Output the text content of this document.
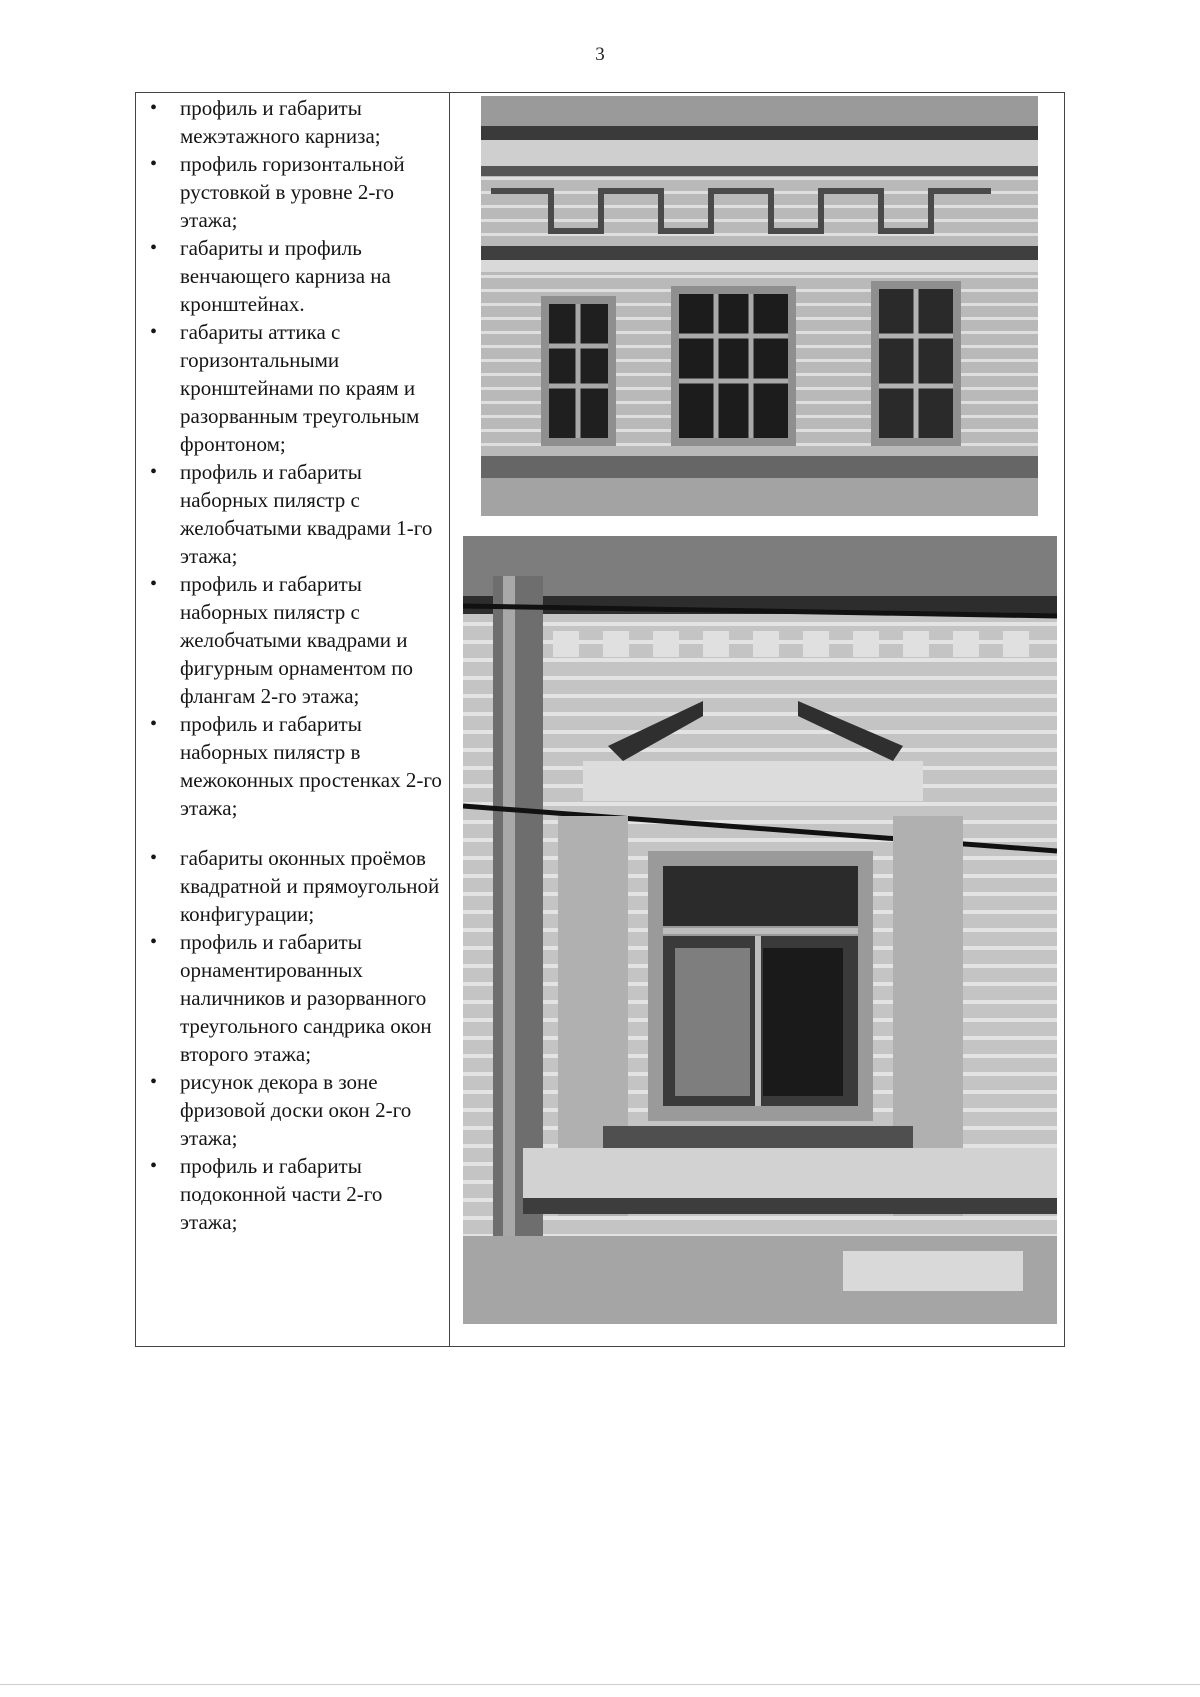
3
• профиль и габариты межэтажного карниза;
• профиль горизонтальной рустовкой в уровне 2-го этажа;
• габариты и профиль венчающего карниза на кронштейнах.
• габариты аттика с горизонтальными кронштейнами по краям и разорванным треугольным фронтоном;
• профиль и габариты наборных пилястр с желобчатыми квадрами 1-го этажа;
• профиль и габариты наборных пилястр с желобчатыми квадрами и фигурным орнаментом по флангам 2-го этажа;
• профиль и габариты наборных пилястр в межоконных простенках 2-го этажа;
• габариты оконных проёмов квадратной и прямоугольной конфигурации;
• профиль и габариты орнаментированных наличников и разорванного треугольного сандрика окон второго этажа;
• рисунок декора в зоне фризовой доски окон 2-го этажа;
• профиль и габариты подоконной части 2-го этажа;
